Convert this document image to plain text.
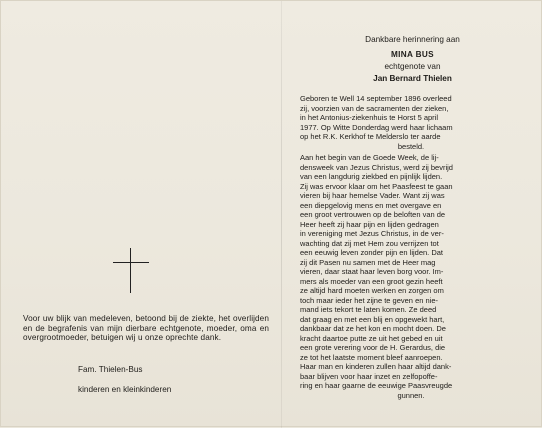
Voor uw blijk van medeleven, betoond bij de ziekte, het overlijden en de begrafenis van mijn dierbare echtgenote, moeder, oma en overgrootmoeder, betuigen wij u onze oprechte dank.
Fam. Thielen-Bus
kinderen en kleinkinderen
Dankbare herinnering aan
MINA BUS
echtgenote van
Jan Bernard Thielen
Geboren te Well 14 september 1896 overleed
zij, voorzien van de sacramenten der zieken,
in het Antonius-ziekenhuis te Horst 5 april
1977. Op Witte Donderdag werd haar lichaam
op het R.K. Kerkhof te Melderslo ter aarde
besteld.
Aan het begin van de Goede Week, de lij-
densweek van Jezus Christus, werd zij bevrijd
van een langdurig ziekbed en pijnlijk lijden.
Zij was ervoor klaar om het Paasfeest te gaan
vieren bij haar hemelse Vader. Want zij was
een diepgelovig mens en met overgave en
een groot vertrouwen op de beloften van de
Heer heeft zij haar pijn en lijden gedragen
in vereniging met Jezus Christus, in de ver-
wachting dat zij met Hem zou verrijzen tot
een eeuwig leven zonder pijn en lijden. Dat
zij dit Pasen nu samen met de Heer mag
vieren, daar staat haar leven borg voor. Im-
mers als moeder van een groot gezin heeft
ze altijd hard moeten werken en zorgen om
toch maar ieder het zijne te geven en nie-
mand iets tekort te laten komen. Ze deed
dat graag en met een blij en opgewekt hart,
dankbaar dat ze het kon en mocht doen. De
kracht daartoe putte ze uit het gebed en uit
een grote verering voor de H. Gerardus, die
ze tot het laatste moment bleef aanroepen.
Haar man en kinderen zullen haar altijd dank-
baar blijven voor haar inzet en zelfopoffe-
ring en haar gaarne de eeuwige Paasvreugde
gunnen.
